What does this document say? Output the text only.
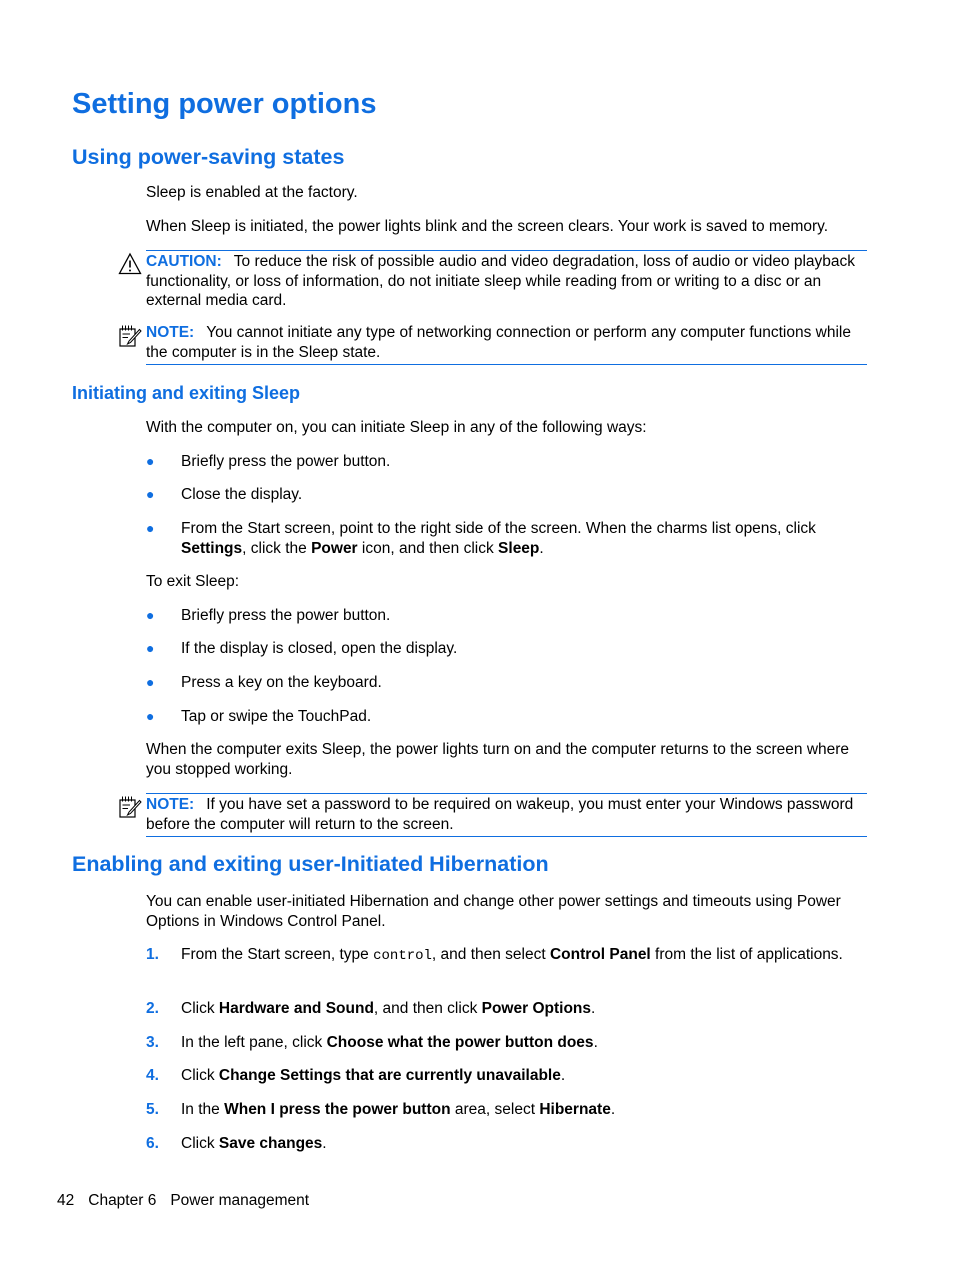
Setting power options
Using power-saving states
Sleep is enabled at the factory.
When Sleep is initiated, the power lights blink and the screen clears. Your work is saved to memory.
CAUTION: To reduce the risk of possible audio and video degradation, loss of audio or video playback functionality, or loss of information, do not initiate sleep while reading from or writing to a disc or an external media card.
NOTE: You cannot initiate any type of networking connection or perform any computer functions while the computer is in the Sleep state.
Initiating and exiting Sleep
With the computer on, you can initiate Sleep in any of the following ways:
● Briefly press the power button.
● Close the display.
● From the Start screen, point to the right side of the screen. When the charms list opens, click Settings, click the Power icon, and then click Sleep.
To exit Sleep:
● Briefly press the power button.
● If the display is closed, open the display.
● Press a key on the keyboard.
● Tap or swipe the TouchPad.
When the computer exits Sleep, the power lights turn on and the computer returns to the screen where you stopped working.
NOTE: If you have set a password to be required on wakeup, you must enter your Windows password before the computer will return to the screen.
Enabling and exiting user-Initiated Hibernation
You can enable user-initiated Hibernation and change other power settings and timeouts using Power Options in Windows Control Panel.
1. From the Start screen, type control, and then select Control Panel from the list of applications.
2. Click Hardware and Sound, and then click Power Options.
3. In the left pane, click Choose what the power button does.
4. Click Change Settings that are currently unavailable.
5. In the When I press the power button area, select Hibernate.
6. Click Save changes.
42 Chapter 6 Power management
